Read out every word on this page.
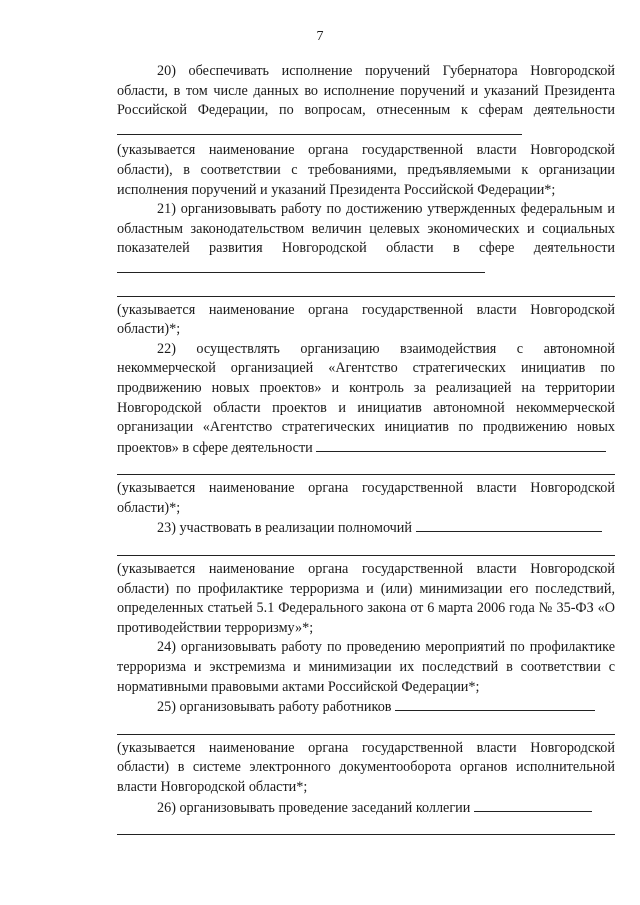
7

20) обеспечивать исполнение поручений Губернатора Новгородской области, в том числе данных во исполнение поручений и указаний Президента Российской Федерации, по вопросам, отнесенным к сферам деятельности

(указывается наименование органа государственной власти Новгородской области), в соответствии с требованиями, предъявляемыми к организации исполнения поручений и указаний Президента Российской Федерации*;

21) организовывать работу по достижению утвержденных федеральным и областным законодательством величин целевых экономических и социальных показателей развития Новгородской области в сфере деятельности

(указывается наименование органа государственной власти Новгородской области)*;

22) осуществлять организацию взаимодействия с автономной некоммерческой организацией «Агентство стратегических инициатив по продвижению новых проектов» и контроль за реализацией на территории Новгородской области проектов и инициатив автономной некоммерческой организации «Агентство стратегических инициатив по продвижению новых проектов» в сфере деятельности

(указывается наименование органа государственной власти Новгородской области)*;

23) участвовать в реализации полномочий

(указывается наименование органа государственной власти Новгородской области) по профилактике терроризма и (или) минимизации его последствий, определенных статьей 5.1 Федерального закона от 6 марта 2006 года № 35-ФЗ «О противодействии терроризму»*;

24) организовывать работу по проведению мероприятий по профилактике терроризма и экстремизма и минимизации их последствий в соответствии с нормативными правовыми актами Российской Федерации*;

25) организовывать работу работников

(указывается наименование органа государственной власти Новгородской области) в системе электронного документооборота органов исполнительной власти Новгородской области*;

26) организовывать проведение заседаний коллегии
